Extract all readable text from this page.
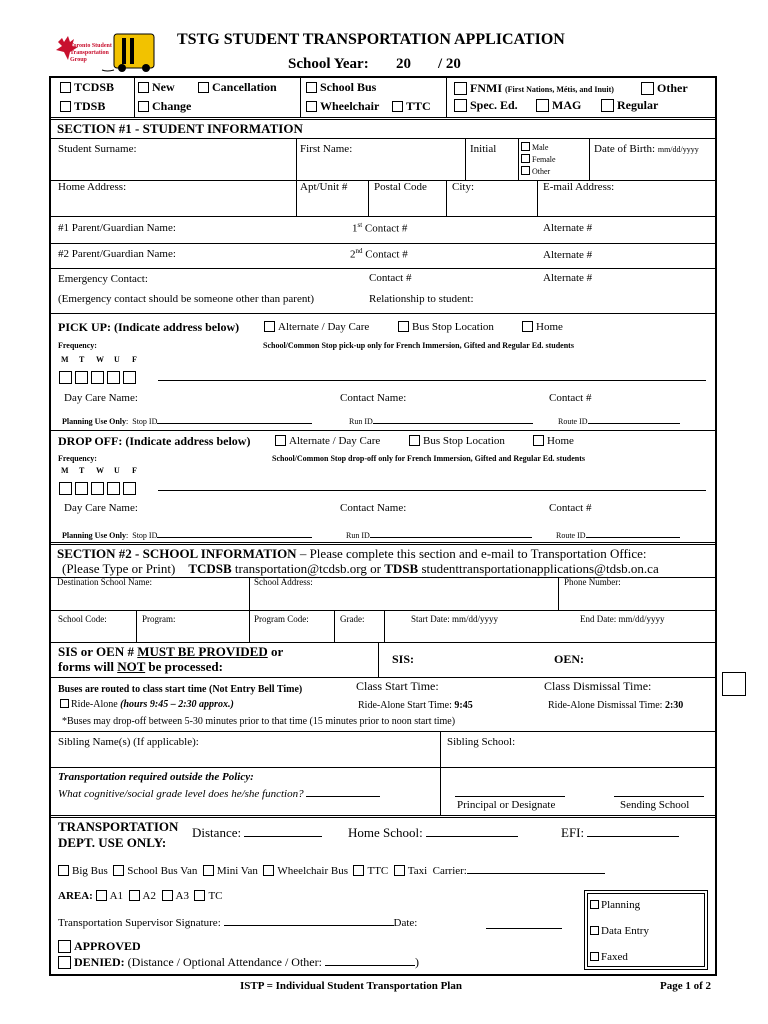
Toronto Student
Transportation
Group
TSTG STUDENT TRANSPORTATION APPLICATION
School Year: 20 / 20
TCDSB
TDSB
New
Change
Cancellation	School Bus
Wheelchair	TTC
FNMI (First Nations, Métis, and Inuit)	Other
Spec. Ed.	MAG	Regular
SECTION #1 - STUDENT INFORMATION
Student Surname:	First Name:	Initial	Male
Female
Other
Date of Birth: mm/dd/yyyy
Home Address:	Apt/Unit # Postal Code City:	E-mail Address:
#1 Parent/Guardian Name:	1st Contact #	Alternate #
#2 Parent/Guardian Name:	2nd Contact #	Alternate #
Emergency Contact:	Contact #	Alternate #
(Emergency contact should be someone other than parent)	Relationship to student:
PICK UP: (Indicate address below)	Alternate / Day Care	Bus Stop Location	Home
Frequency:	School/Common Stop pick-up only for French Immersion, Gifted and Regular Ed. students
M T W U F
Day Care Name:	Contact Name:	Contact #
Planning Use Only:  Stop ID	Run ID	Route ID
DROP OFF: (Indicate address below)	Alternate / Day Care	Bus Stop Location	Home
Frequency:	School/Common Stop drop-off only for French Immersion, Gifted and Regular Ed. students
M T W U F
Day Care Name:	Contact Name:	Contact #
Planning Use Only:  Stop ID	Run ID	Route ID
SECTION #2 - SCHOOL INFORMATION – Please complete this section and e-mail to Transportation Office:
(Please Type or Print) TCDSB transportation@tcdsb.org or TDSB studenttransportationapplications@tdsb.on.ca
Destination School Name:	School Address:	Phone Number:
School Code:	Program:	Program Code:	Grade:	Start Date: mm/dd/yyyy	End Date: mm/dd/yyyy
SIS or OEN # MUST BE PROVIDED or
forms will NOT be processed:	SIS:	OEN:
Buses are routed to class start time (Not Entry Bell Time)	Class Start Time:	Class Dismissal Time:
Ride-Alone (hours 9:45 – 2:30 approx.)	Ride-Alone Start Time: 9:45	Ride-Alone Dismissal Time: 2:30
*Buses may drop-off between 5-30 minutes prior to that time (15 minutes prior to noon start time)
Sibling Name(s) (If applicable):	Sibling School:
Transportation required outside the Policy:
What cognitive/social grade level does he/she function?
Principal or Designate	Sending School
TRANSPORTATION
DEPT. USE ONLY:
Distance:	Home School:	EFI:
Big Bus School Bus Van Mini Van Wheelchair Bus TTC Taxi Carrier:
AREA: A1 A2 A3 TC
Transportation Supervisor Signature:	Date:
APPROVED
DENIED: (Distance / Optional Attendance / Other:	)
Planning
Data Entry
Faxed
ISTP = Individual Student Transportation Plan	Page 1 of 2
